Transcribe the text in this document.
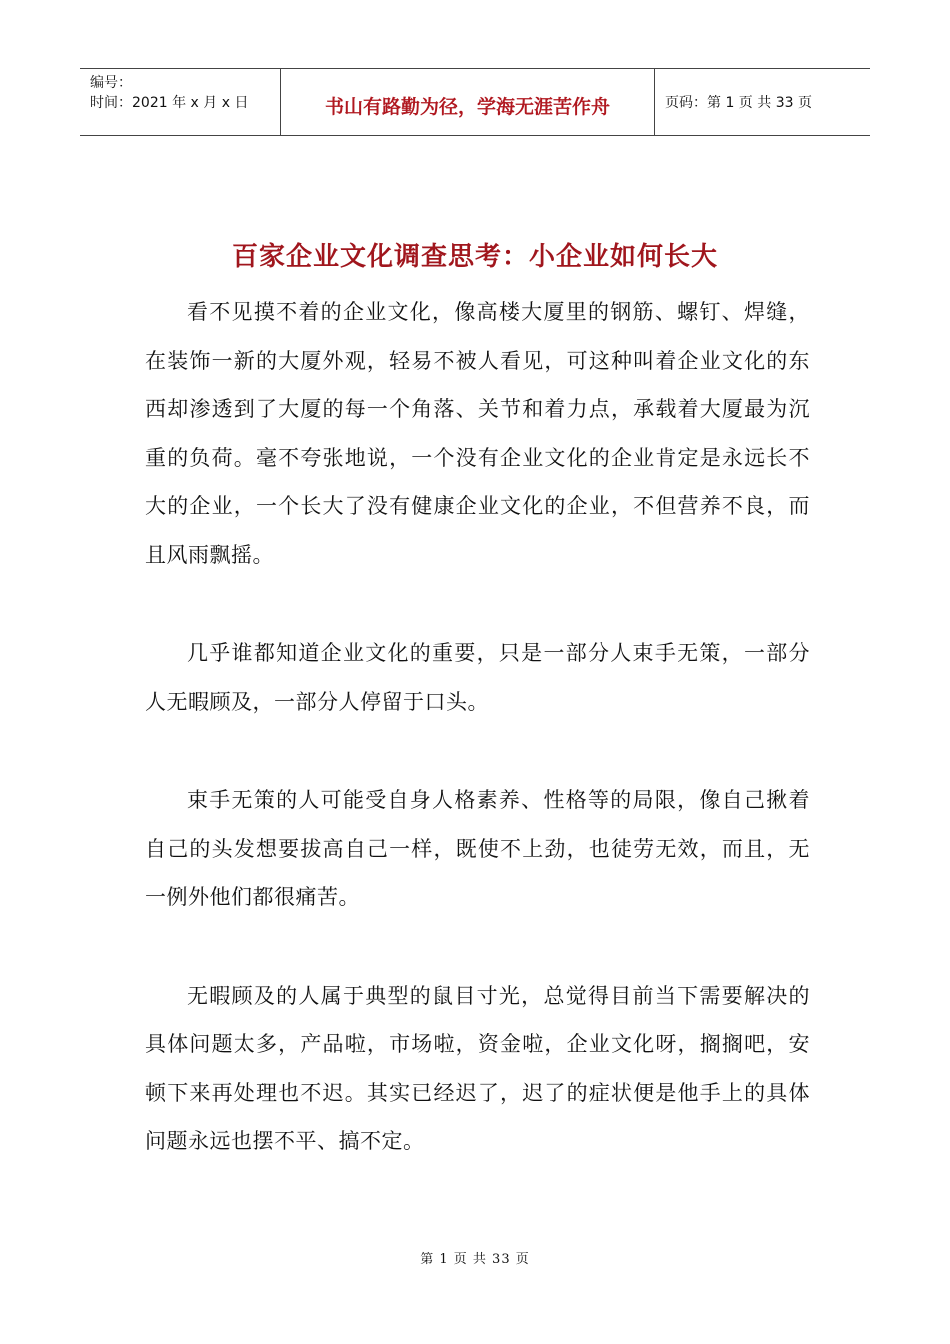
编号：
时间：2021 年 x 月 x 日	书山有路勤为径，学海无涯苦作舟	页码：第 1 页 共 33 页
百家企业文化调查思考：小企业如何长大

看不见摸不着的企业文化，像高楼大厦里的钢筋、螺钉、焊缝，在装饰一新的大厦外观，轻易不被人看见，可这种叫着企业文化的东西却渗透到了大厦的每一个角落、关节和着力点，承载着大厦最为沉重的负荷。毫不夸张地说，一个没有企业文化的企业肯定是永远长不大的企业，一个长大了没有健康企业文化的企业，不但营养不良，而且风雨飘摇。

几乎谁都知道企业文化的重要，只是一部分人束手无策，一部分人无暇顾及，一部分人停留于口头。

束手无策的人可能受自身人格素养、性格等的局限，像自己揪着自己的头发想要拔高自己一样，既使不上劲，也徒劳无效，而且，无一例外他们都很痛苦。

无暇顾及的人属于典型的鼠目寸光，总觉得目前当下需要解决的具体问题太多，产品啦，市场啦，资金啦，企业文化呀，搁搁吧，安顿下来再处理也不迟。其实已经迟了，迟了的症状便是他手上的具体问题永远也摆不平、搞不定。

第 1 页 共 33 页
